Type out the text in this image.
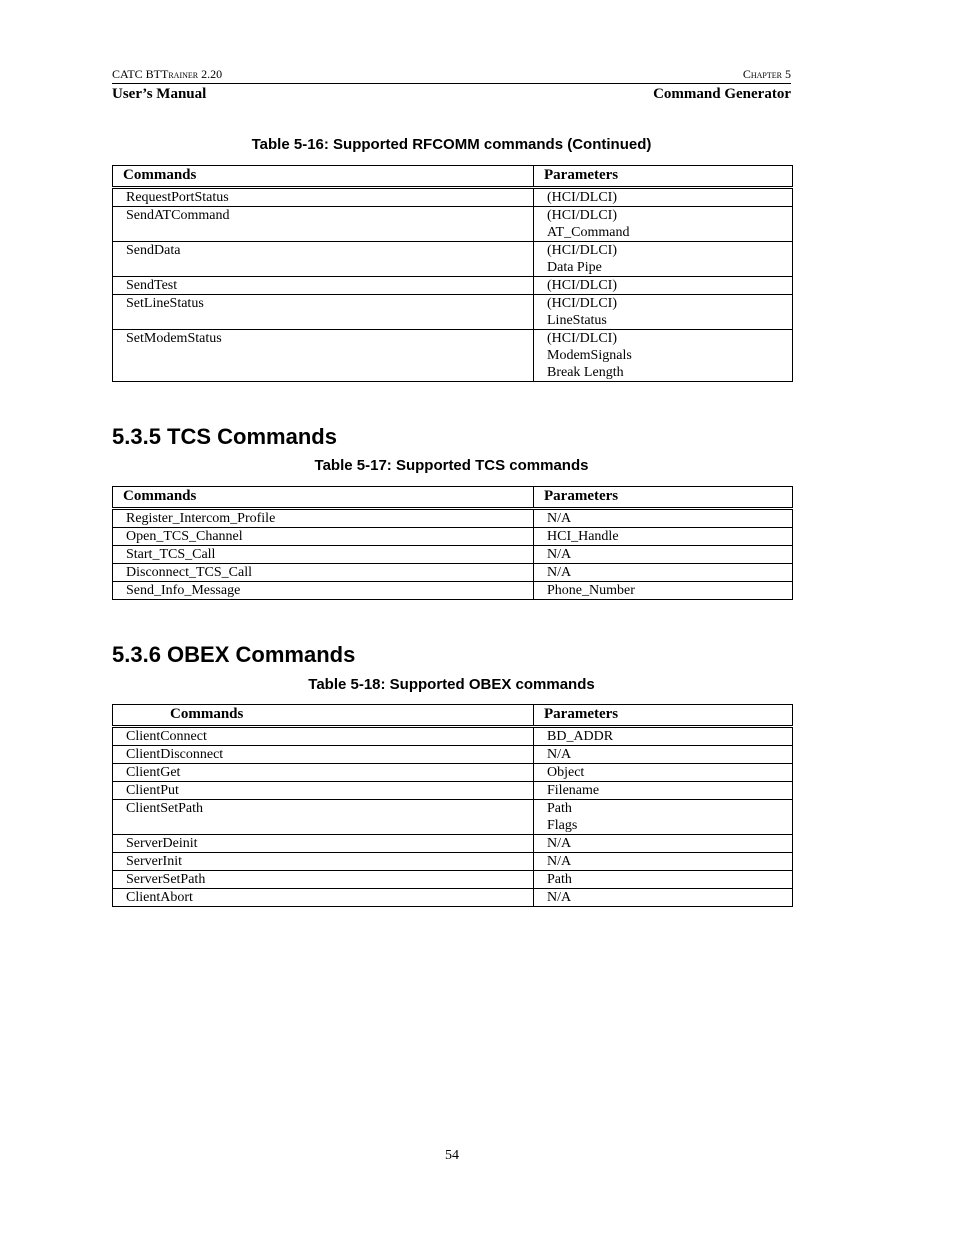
CATC BTTrainer 2.20	Chapter 5
User’s Manual	Command Generator
Table 5-16: Supported RFCOMM commands (Continued)
Commands	Parameters
RequestPortStatus	(HCI/DLCI)

SendATCommand	(HCI/DLCI)
AT_Command

SendData	(HCI/DLCI)
Data Pipe

SendTest	(HCI/DLCI)

SetLineStatus	(HCI/DLCI)
LineStatus

SetModemStatus	(HCI/DLCI)
ModemSignals
Break Length
5.3.5 TCS Commands
Table 5-17: Supported TCS commands
Commands	Parameters
Register_Intercom_Profile	N/A

Open_TCS_Channel	HCI_Handle

Start_TCS_Call	N/A

Disconnect_TCS_Call	N/A

Send_Info_Message	Phone_Number
5.3.6 OBEX Commands
Table 5-18: Supported OBEX commands
Commands	Parameters
ClientConnect	BD_ADDR

ClientDisconnect	N/A

ClientGet	Object

ClientPut	Filename

ClientSetPath	Path
Flags

ServerDeinit	N/A

ServerInit	N/A

ServerSetPath	Path

ClientAbort	N/A
54
